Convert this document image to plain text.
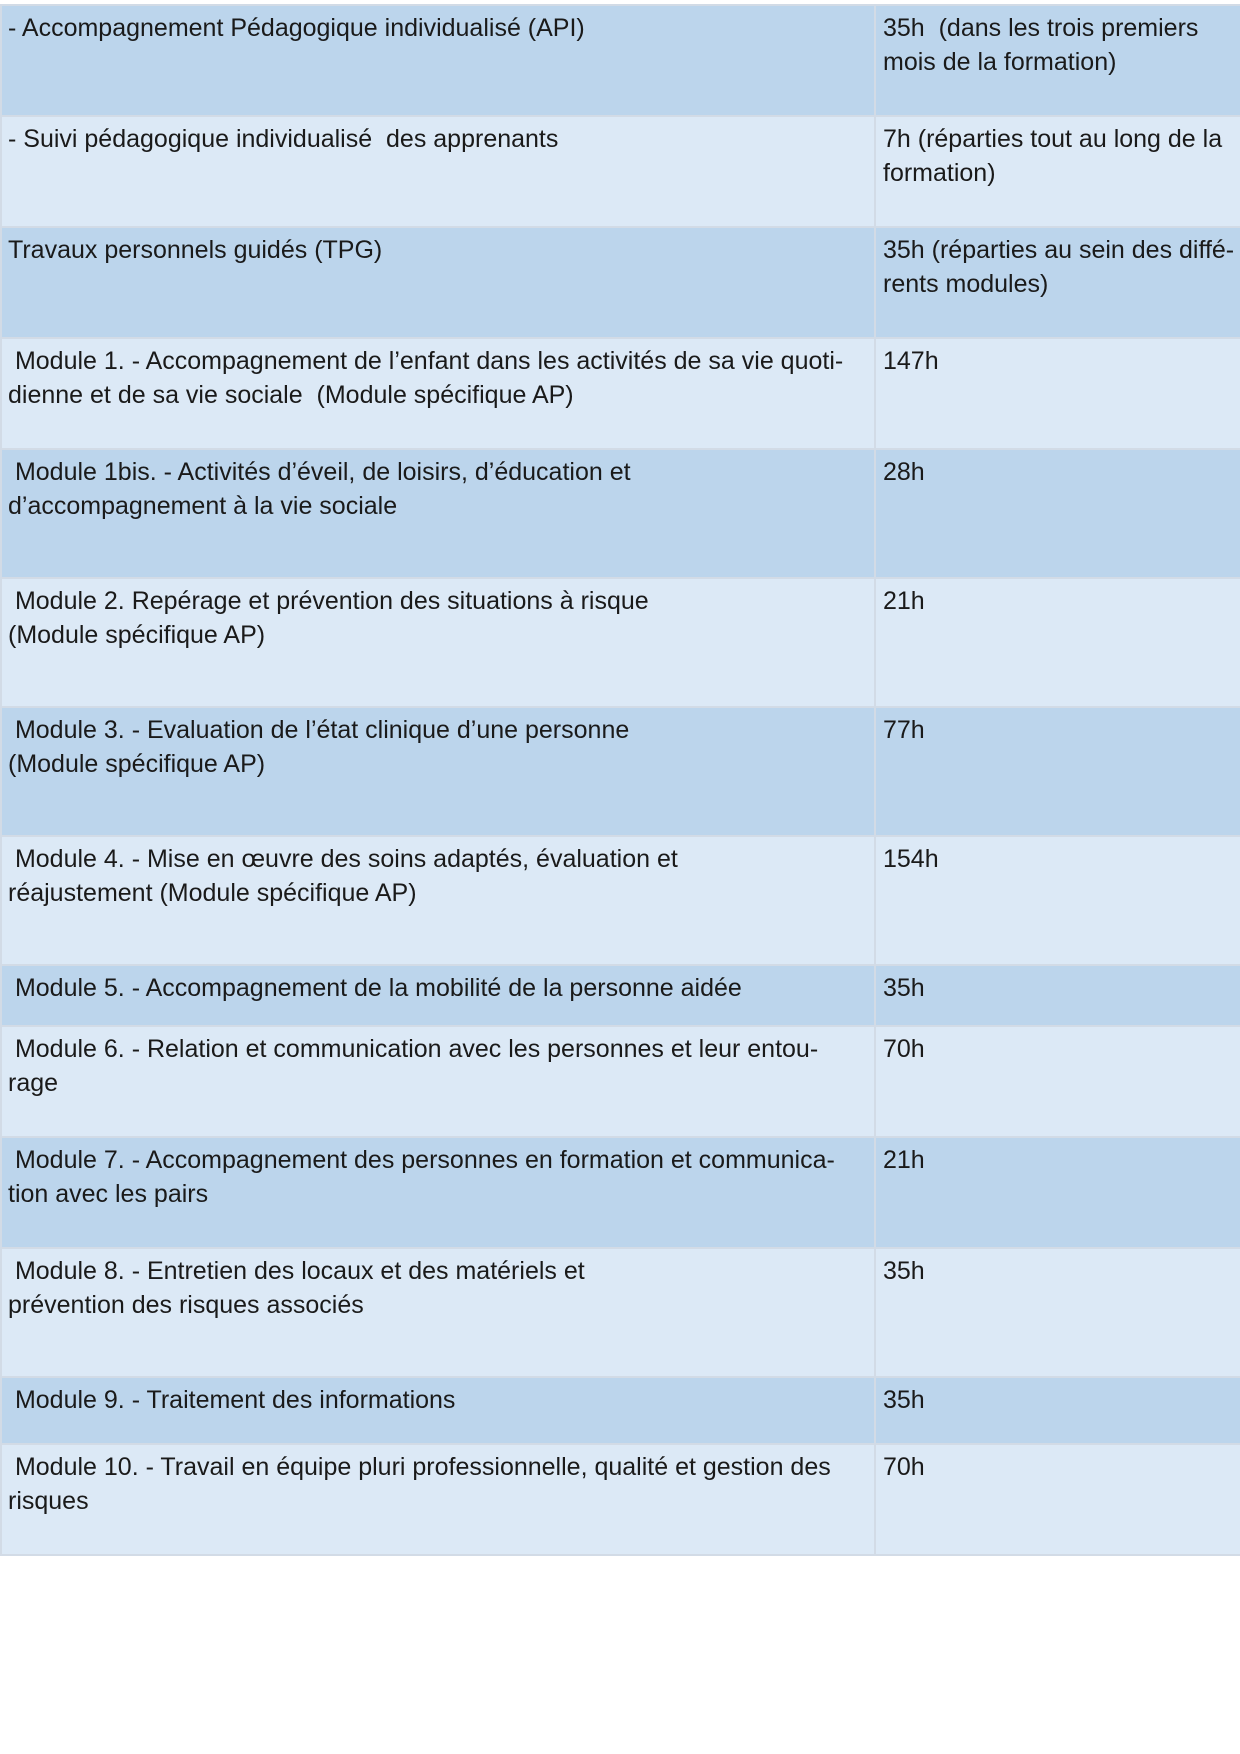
- Accompagnement Pédagogique individualisé (API)	35h  (dans les trois premiers mois de la formation)
- Suivi pédagogique individualisé  des apprenants	7h (réparties tout au long de la formation)
Travaux personnels guidés (TPG)	35h (réparties au sein des diffé-rents modules)
Module 1. - Accompagnement de l’enfant dans les activités de sa vie quoti-dienne et de sa vie sociale  (Module spécifique AP)	147h

Module 1bis. - Activités d’éveil, de loisirs, d’éducation et
d’accompagnement à la vie sociale	28h

Module 2. Repérage et prévention des situations à risque
(Module spécifique AP)	21h

Module 3. - Evaluation de l’état clinique d’une personne
(Module spécifique AP)	77h

Module 4. - Mise en œuvre des soins adaptés, évaluation et
réajustement (Module spécifique AP)	154h
Module 5. - Accompagnement de la mobilité de la personne aidée	35h
Module 6. - Relation et communication avec les personnes et leur entou-rage	70h
Module 7. - Accompagnement des personnes en formation et communica-tion avec les pairs	21h

Module 8. - Entretien des locaux et des matériels et
prévention des risques associés	35h
Module 9. - Traitement des informations	35h
Module 10. - Travail en équipe pluri professionnelle, qualité et gestion des risques	70h
